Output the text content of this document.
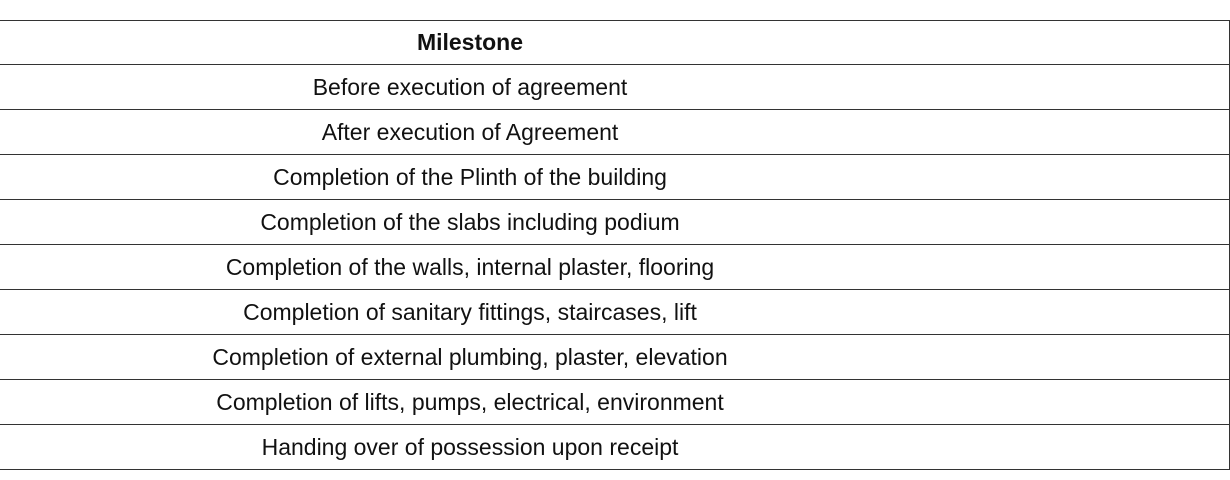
Milestone
Before execution of agreement
After execution of Agreement
Completion of the Plinth of the building
Completion of the slabs including podium
Completion of the walls, internal plaster, flooring
Completion of sanitary fittings, staircases, lift
Completion of external plumbing, plaster, elevation
Completion of lifts, pumps, electrical, environment
Handing over of possession upon receipt
